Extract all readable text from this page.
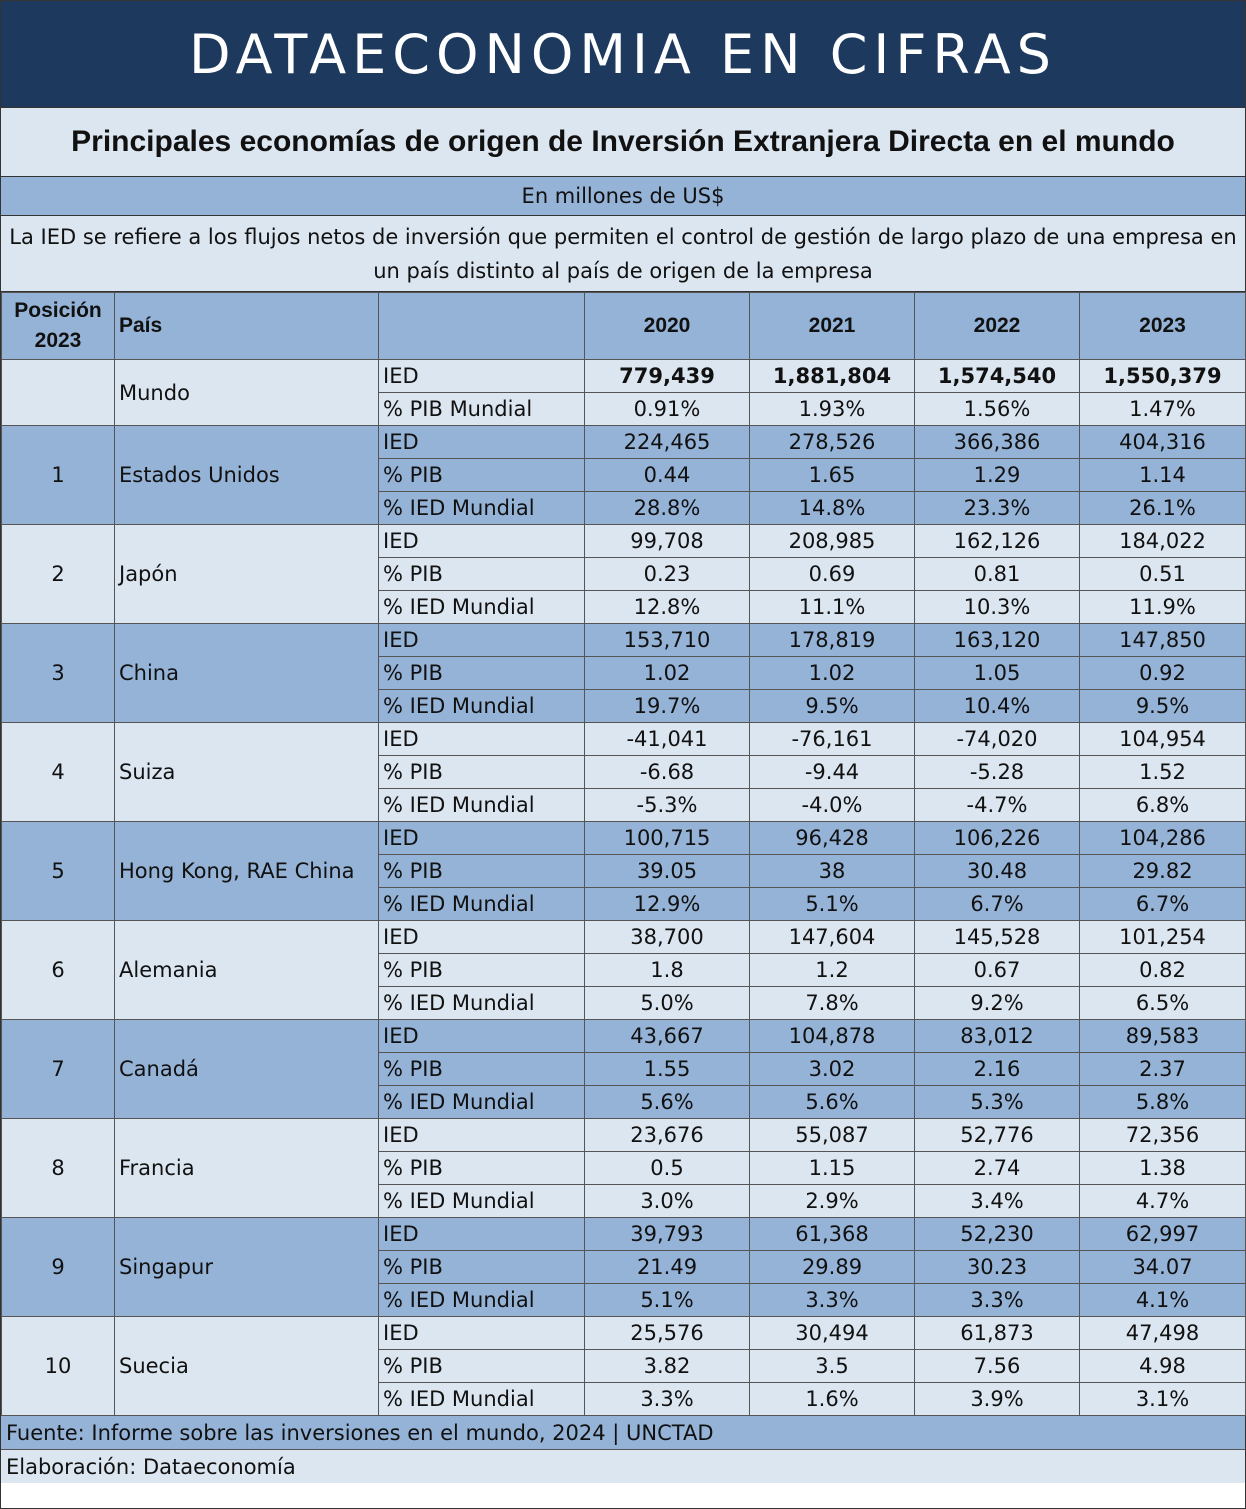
DATAECONOMIA EN CIFRAS
Principales economías de origen de Inversión Extranjera Directa en el mundo
En millones de US$
La IED se refiere a los flujos netos de inversión que permiten el control de gestión de largo plazo de una empresa en un país distinto al país de origen de la empresa
Posición 2023	País		2020	2021	2022	2023
	Mundo	IED	779,439	1,881,804	1,574,540	1,550,379
		% PIB Mundial	0.91%	1.93%	1.56%	1.47%
1	Estados Unidos	IED	224,465	278,526	366,386	404,316
		% PIB	0.44	1.65	1.29	1.14
		% IED Mundial	28.8%	14.8%	23.3%	26.1%
2	Japón	IED	99,708	208,985	162,126	184,022
		% PIB	0.23	0.69	0.81	0.51
		% IED Mundial	12.8%	11.1%	10.3%	11.9%
3	China	IED	153,710	178,819	163,120	147,850
		% PIB	1.02	1.02	1.05	0.92
		% IED Mundial	19.7%	9.5%	10.4%	9.5%
4	Suiza	IED	-41,041	-76,161	-74,020	104,954
		% PIB	-6.68	-9.44	-5.28	1.52
		% IED Mundial	-5.3%	-4.0%	-4.7%	6.8%
5	Hong Kong, RAE China	IED	100,715	96,428	106,226	104,286
		% PIB	39.05	38	30.48	29.82
		% IED Mundial	12.9%	5.1%	6.7%	6.7%
6	Alemania	IED	38,700	147,604	145,528	101,254
		% PIB	1.8	1.2	0.67	0.82
		% IED Mundial	5.0%	7.8%	9.2%	6.5%
7	Canadá	IED	43,667	104,878	83,012	89,583
		% PIB	1.55	3.02	2.16	2.37
		% IED Mundial	5.6%	5.6%	5.3%	5.8%
8	Francia	IED	23,676	55,087	52,776	72,356
		% PIB	0.5	1.15	2.74	1.38
		% IED Mundial	3.0%	2.9%	3.4%	4.7%
9	Singapur	IED	39,793	61,368	52,230	62,997
		% PIB	21.49	29.89	30.23	34.07
		% IED Mundial	5.1%	3.3%	3.3%	4.1%
10	Suecia	IED	25,576	30,494	61,873	47,498
		% PIB	3.82	3.5	7.56	4.98
		% IED Mundial	3.3%	1.6%	3.9%	3.1%
Fuente: Informe sobre las inversiones en el mundo, 2024 | UNCTAD
Elaboración: Dataeconomía
